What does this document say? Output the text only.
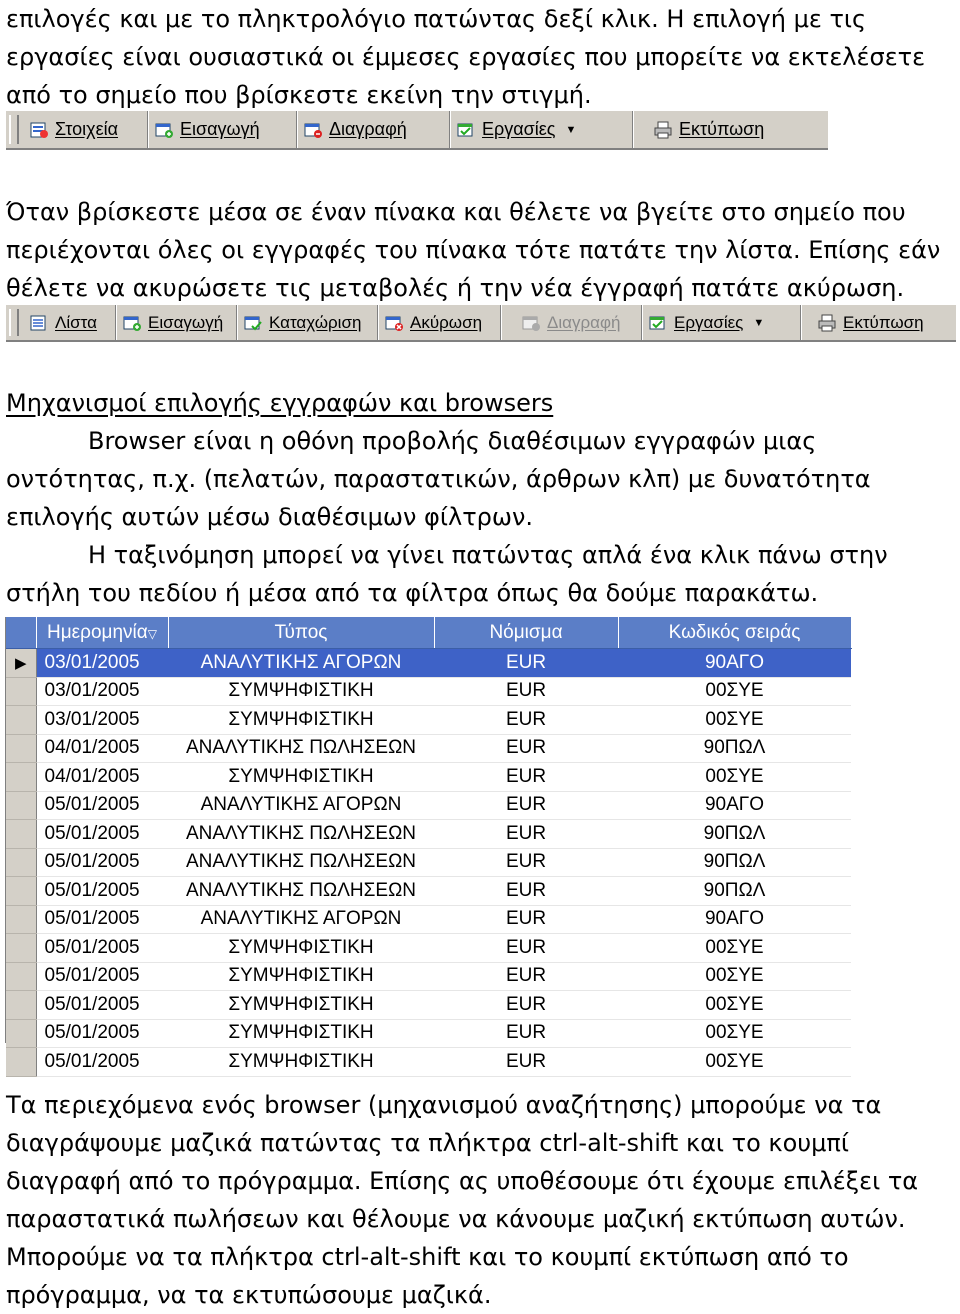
επιλογές και με το πληκτρολόγιο πατώντας δεξί κλικ. Η επιλογή με τις
εργασίες είναι ουσιαστικά οι έμμεσες εργασίες που μπορείτε να εκτελέσετε
από το σημείο που βρίσκεστε εκείνη την στιγμή.
Στοιχεία	Εισαγωγή	Διαγραφή	Εργασίες ▼	Εκτύπωση
Όταν βρίσκεστε μέσα σε έναν πίνακα και θέλετε να βγείτε στο σημείο που
περιέχονται όλες οι εγγραφές του πίνακα τότε πατάτε την λίστα. Επίσης εάν
θέλετε να ακυρώσετε τις μεταβολές ή την νέα έγγραφή πατάτε ακύρωση.
Λίστα	Εισαγωγή	Καταχώριση	Ακύρωση	Διαγραφή	Εργασίες ▼	Εκτύπωση
Μηχανισμοί επιλογής εγγραφών και browsers
Browser είναι η οθόνη προβολής διαθέσιμων εγγραφών μιας
οντότητας, π.χ. (πελατών, παραστατικών, άρθρων κλπ) με δυνατότητα
επιλογής αυτών μέσω διαθέσιμων φίλτρων.
Η ταξινόμηση μπορεί να γίνει πατώντας απλά ένα κλικ πάνω στην
στήλη του πεδίου ή μέσα από τα φίλτρα όπως θα δούμε παρακάτω.
	Ημερομηνία▽	Τύπος	Νόμισμα	Κωδικός σειράς
▶	03/01/2005	ΑΝΑΛΥΤΙΚΗΣ ΑΓΟΡΩΝ	EUR	90ΑΓΟ
	03/01/2005	ΣΥΜΨΗΦΙΣΤΙΚΗ	EUR	00ΣΥΕ
	03/01/2005	ΣΥΜΨΗΦΙΣΤΙΚΗ	EUR	00ΣΥΕ
	04/01/2005	ΑΝΑΛΥΤΙΚΗΣ ΠΩΛΗΣΕΩΝ	EUR	90ΠΩΛ
	04/01/2005	ΣΥΜΨΗΦΙΣΤΙΚΗ	EUR	00ΣΥΕ
	05/01/2005	ΑΝΑΛΥΤΙΚΗΣ ΑΓΟΡΩΝ	EUR	90ΑΓΟ
	05/01/2005	ΑΝΑΛΥΤΙΚΗΣ ΠΩΛΗΣΕΩΝ	EUR	90ΠΩΛ
	05/01/2005	ΑΝΑΛΥΤΙΚΗΣ ΠΩΛΗΣΕΩΝ	EUR	90ΠΩΛ
	05/01/2005	ΑΝΑΛΥΤΙΚΗΣ ΠΩΛΗΣΕΩΝ	EUR	90ΠΩΛ
	05/01/2005	ΑΝΑΛΥΤΙΚΗΣ ΑΓΟΡΩΝ	EUR	90ΑΓΟ
	05/01/2005	ΣΥΜΨΗΦΙΣΤΙΚΗ	EUR	00ΣΥΕ
	05/01/2005	ΣΥΜΨΗΦΙΣΤΙΚΗ	EUR	00ΣΥΕ
	05/01/2005	ΣΥΜΨΗΦΙΣΤΙΚΗ	EUR	00ΣΥΕ
	05/01/2005	ΣΥΜΨΗΦΙΣΤΙΚΗ	EUR	00ΣΥΕ
	05/01/2005	ΣΥΜΨΗΦΙΣΤΙΚΗ	EUR	00ΣΥΕ
Τα περιεχόμενα ενός browser (μηχανισμού αναζήτησης) μπορούμε να τα
διαγράψουμε μαζικά πατώντας τα πλήκτρα ctrl-alt-shift και το κουμπί
διαγραφή από το πρόγραμμα. Επίσης ας υποθέσουμε ότι έχουμε επιλέξει τα
παραστατικά πωλήσεων και θέλουμε να κάνουμε μαζική εκτύπωση αυτών.
Μπορούμε να τα πλήκτρα ctrl-alt-shift και το κουμπί εκτύπωση από το
πρόγραμμα, να τα εκτυπώσουμε μαζικά.
